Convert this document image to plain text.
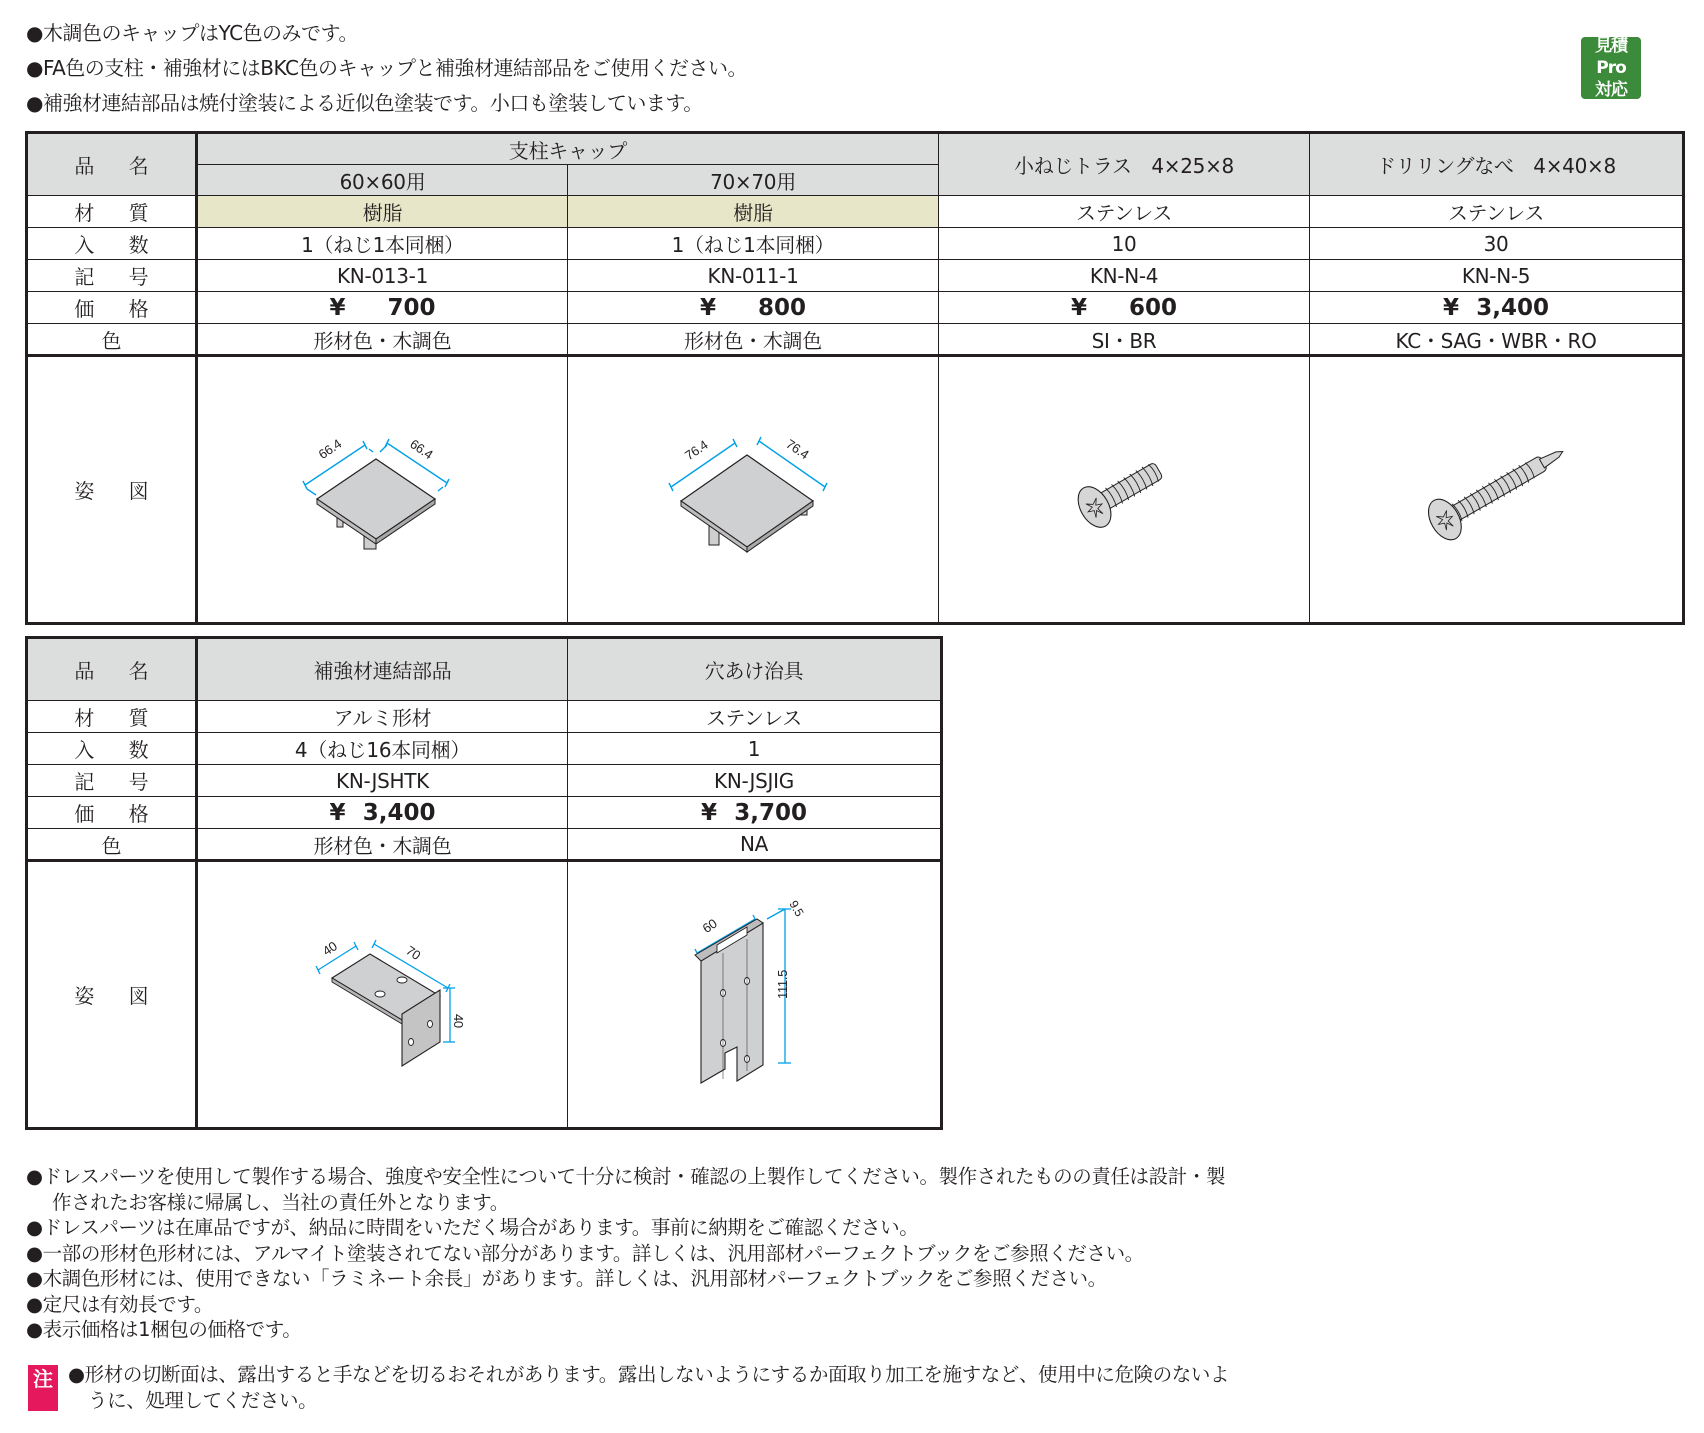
●木調色のキャップはYC色のみです。
●FA色の支柱・補強材にはBKC色のキャップと補強材連結部品をご使用ください。
●補強材連結部品は焼付塗装による近似色塗装です。小口も塗装しています。
見積Pro
対応
品 名	支柱キャップ		小ねじトラス　4×25×8	ドリリングなべ　4×40×8
	60×60用	70×70用		
材 質	樹脂	樹脂	ステンレス	ステンレス
入 数	1（ねじ1本同梱）	1（ねじ1本同梱）	10	30
記 号	KN-013-1	KN-011-1	KN-N-4	KN-N-5
価 格	¥ 700	¥ 800	¥ 600	¥ 3,400
色	形材色・木調色	形材色・木調色	SI・BR	KC・SAG・WBR・RO
姿 図	66.4 66.4	76.4 76.4

品 名	補強材連結部品	穴あけ治具
材 質	アルミ形材	ステンレス
入 数	4（ねじ16本同梱）	1
記 号	KN-JSHTK	KN-JSJIG
価 格	¥ 3,400	¥ 3,700
色	形材色・木調色	NA
姿 図	40 70
40	60
9.5
111.5
●ドレスパーツを使用して製作する場合、強度や安全性について十分に検討・確認の上製作してください。製作されたものの責任は設計・製
作されたお客様に帰属し、当社の責任外となります。
●ドレスパーツは在庫品ですが、納品に時間をいただく場合があります。事前に納期をご確認ください。
●一部の形材色形材には、アルマイト塗装されてない部分があります。詳しくは、汎用部材パーフェクトブックをご参照ください。
●木調色形材には、使用できない「ラミネート余長」があります。詳しくは、汎用部材パーフェクトブックをご参照ください。
●定尺は有効長です。
●表示価格は1梱包の価格です。
注 ●形材の切断面は、露出すると手などを切るおそれがあります。露出しないようにするか面取り加工を施すなど、使用中に危険のないよ
うに、処理してください。
